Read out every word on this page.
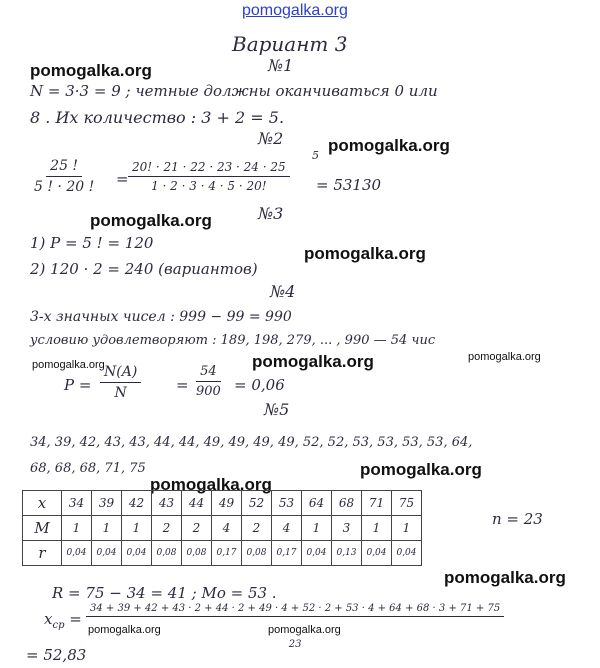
pomogalka.org
pomogalka.org
pomogalka.org
pomogalka.org
pomogalka.org
pomogalka.org	pomogalka.org	pomogalka.org
pomogalka.org
pomogalka.org
pomogalka.org
pomogalka.org	pomogalka.org
Вариант 3
№1
N = 3·3 = 9 ; четные должны оканчиваться 0 или
8 . Их количество : 3 + 2 = 5.
№2
$\frac{25 !}{5 ! \cdot 20 !} = \frac{20! \cdot 21 \cdot 22 \cdot 23 \cdot 24 \cdot 25}{1 \cdot 2 \cdot 3 \cdot 4 \cdot 5 \cdot 20!}$
5
= 53130
№3
1) P = 5 ! = 120
2) 120 · 2 = 240 (вариантов)
№4
3-х значных чисел : 999 − 99 = 990
условию удовлетворяют : 189, 198, 279, ... , 990 — 54 чис
$P = \frac{N(A)}{N} = \frac{54}{900} = 0,06$
№5
34, 39, 42, 43, 43, 44, 44, 49, 49, 49, 49, 52, 52, 53, 53, 53, 53, 64,
68, 68, 68, 71, 75
x	34	39	42	43	44	49	52	53	64	68	71	75
M	1	1	1	2	2	4	2	4	1	3	1	1
r	0,04	0,04	0,04	0,08	0,08	0,17	0,08	0,17	0,04	0,13	0,04	0,04
n = 23
R = 75 − 34 = 41 ; Mo = 53 .
$x_{ср}$ =
34 + 39 + 42 + 43 · 2 + 44 · 2 + 49 · 4 + 52 · 2 + 53 · 4 + 64 + 68 · 3 + 71 + 75
23
= 52,83
